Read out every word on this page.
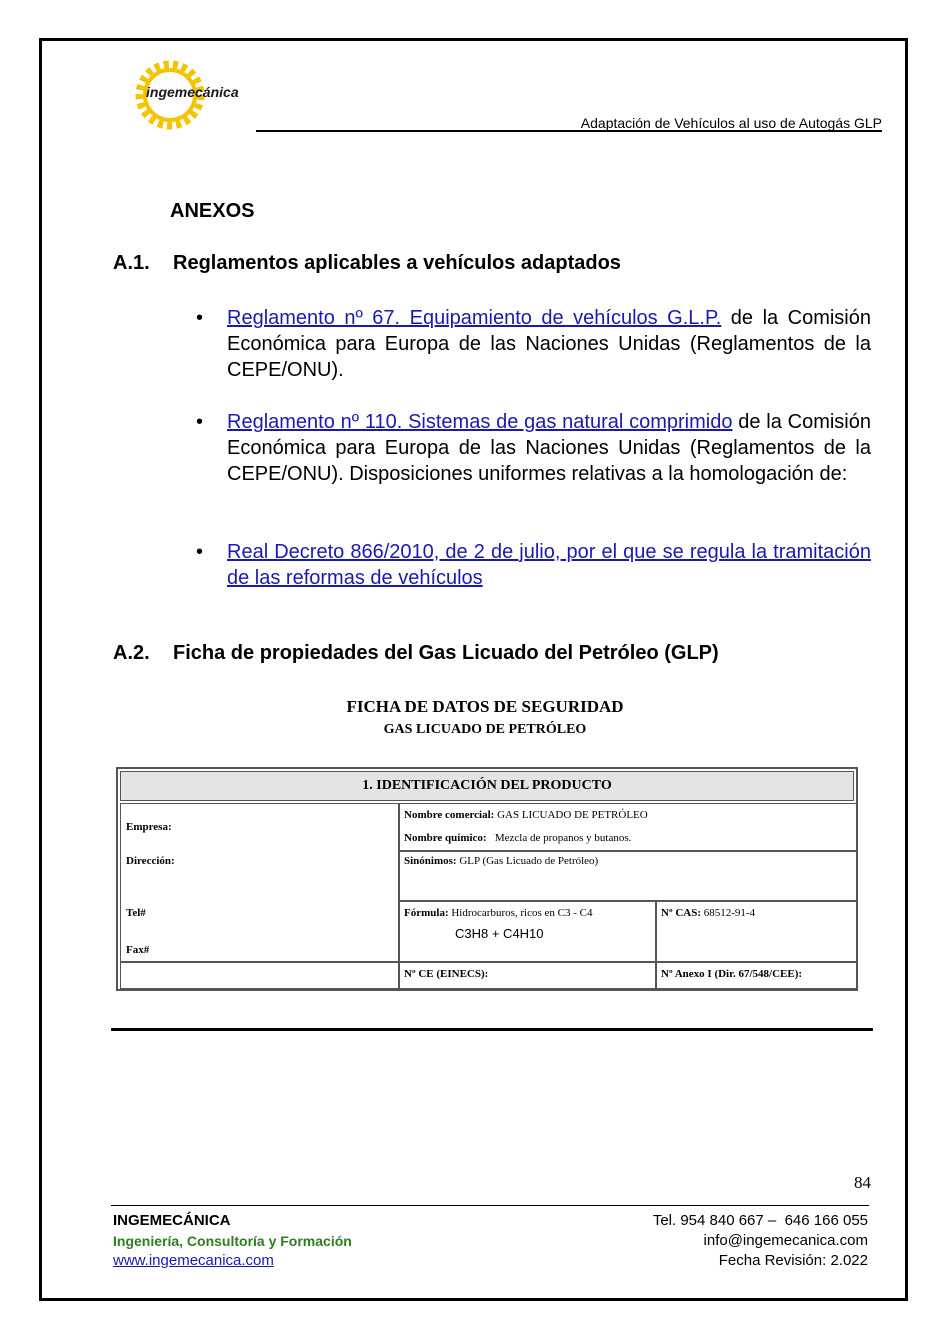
ingemecánica
Adaptación de Vehículos al uso de Autogás GLP
ANEXOS
A.1. Reglamentos aplicables a vehículos adaptados
• Reglamento nº 67. Equipamiento de vehículos G.L.P. de la Comisión Económica para Europa de las Naciones Unidas (Reglamentos de la CEPE/ONU).
• Reglamento nº 110. Sistemas de gas natural comprimido de la Comisión Económica para Europa de las Naciones Unidas (Reglamentos de la CEPE/ONU). Disposiciones uniformes relativas a la homologación de:
• Real Decreto 866/2010, de 2 de julio, por el que se regula la tramitación de las reformas de vehículos
A.2. Ficha de propiedades del Gas Licuado del Petróleo (GLP)
FICHA DE DATOS DE SEGURIDAD
GAS LICUADO DE PETRÓLEO
1. IDENTIFICACIÓN DEL PRODUCTO
Empresa:
Dirección:
Tel#
Fax#
Nombre comercial: GAS LICUADO DE PETRÓLEO
Nombre químico: Mezcla de propanos y butanos.
Sinónimos: GLP (Gas Licuado de Petróleo)
Fórmula: Hidrocarburos, ricos en C3 - C4
C3H8 + C4H10
Nº CAS: 68512-91-4
Nº CE (EINECS):	Nº Anexo I (Dir. 67/548/CEE):
84
INGEMECÁNICA
Ingeniería, Consultoría y Formación
www.ingemecanica.com
Tel. 954 840 667 –  646 166 055
info@ingemecanica.com
Fecha Revisión: 2.022
